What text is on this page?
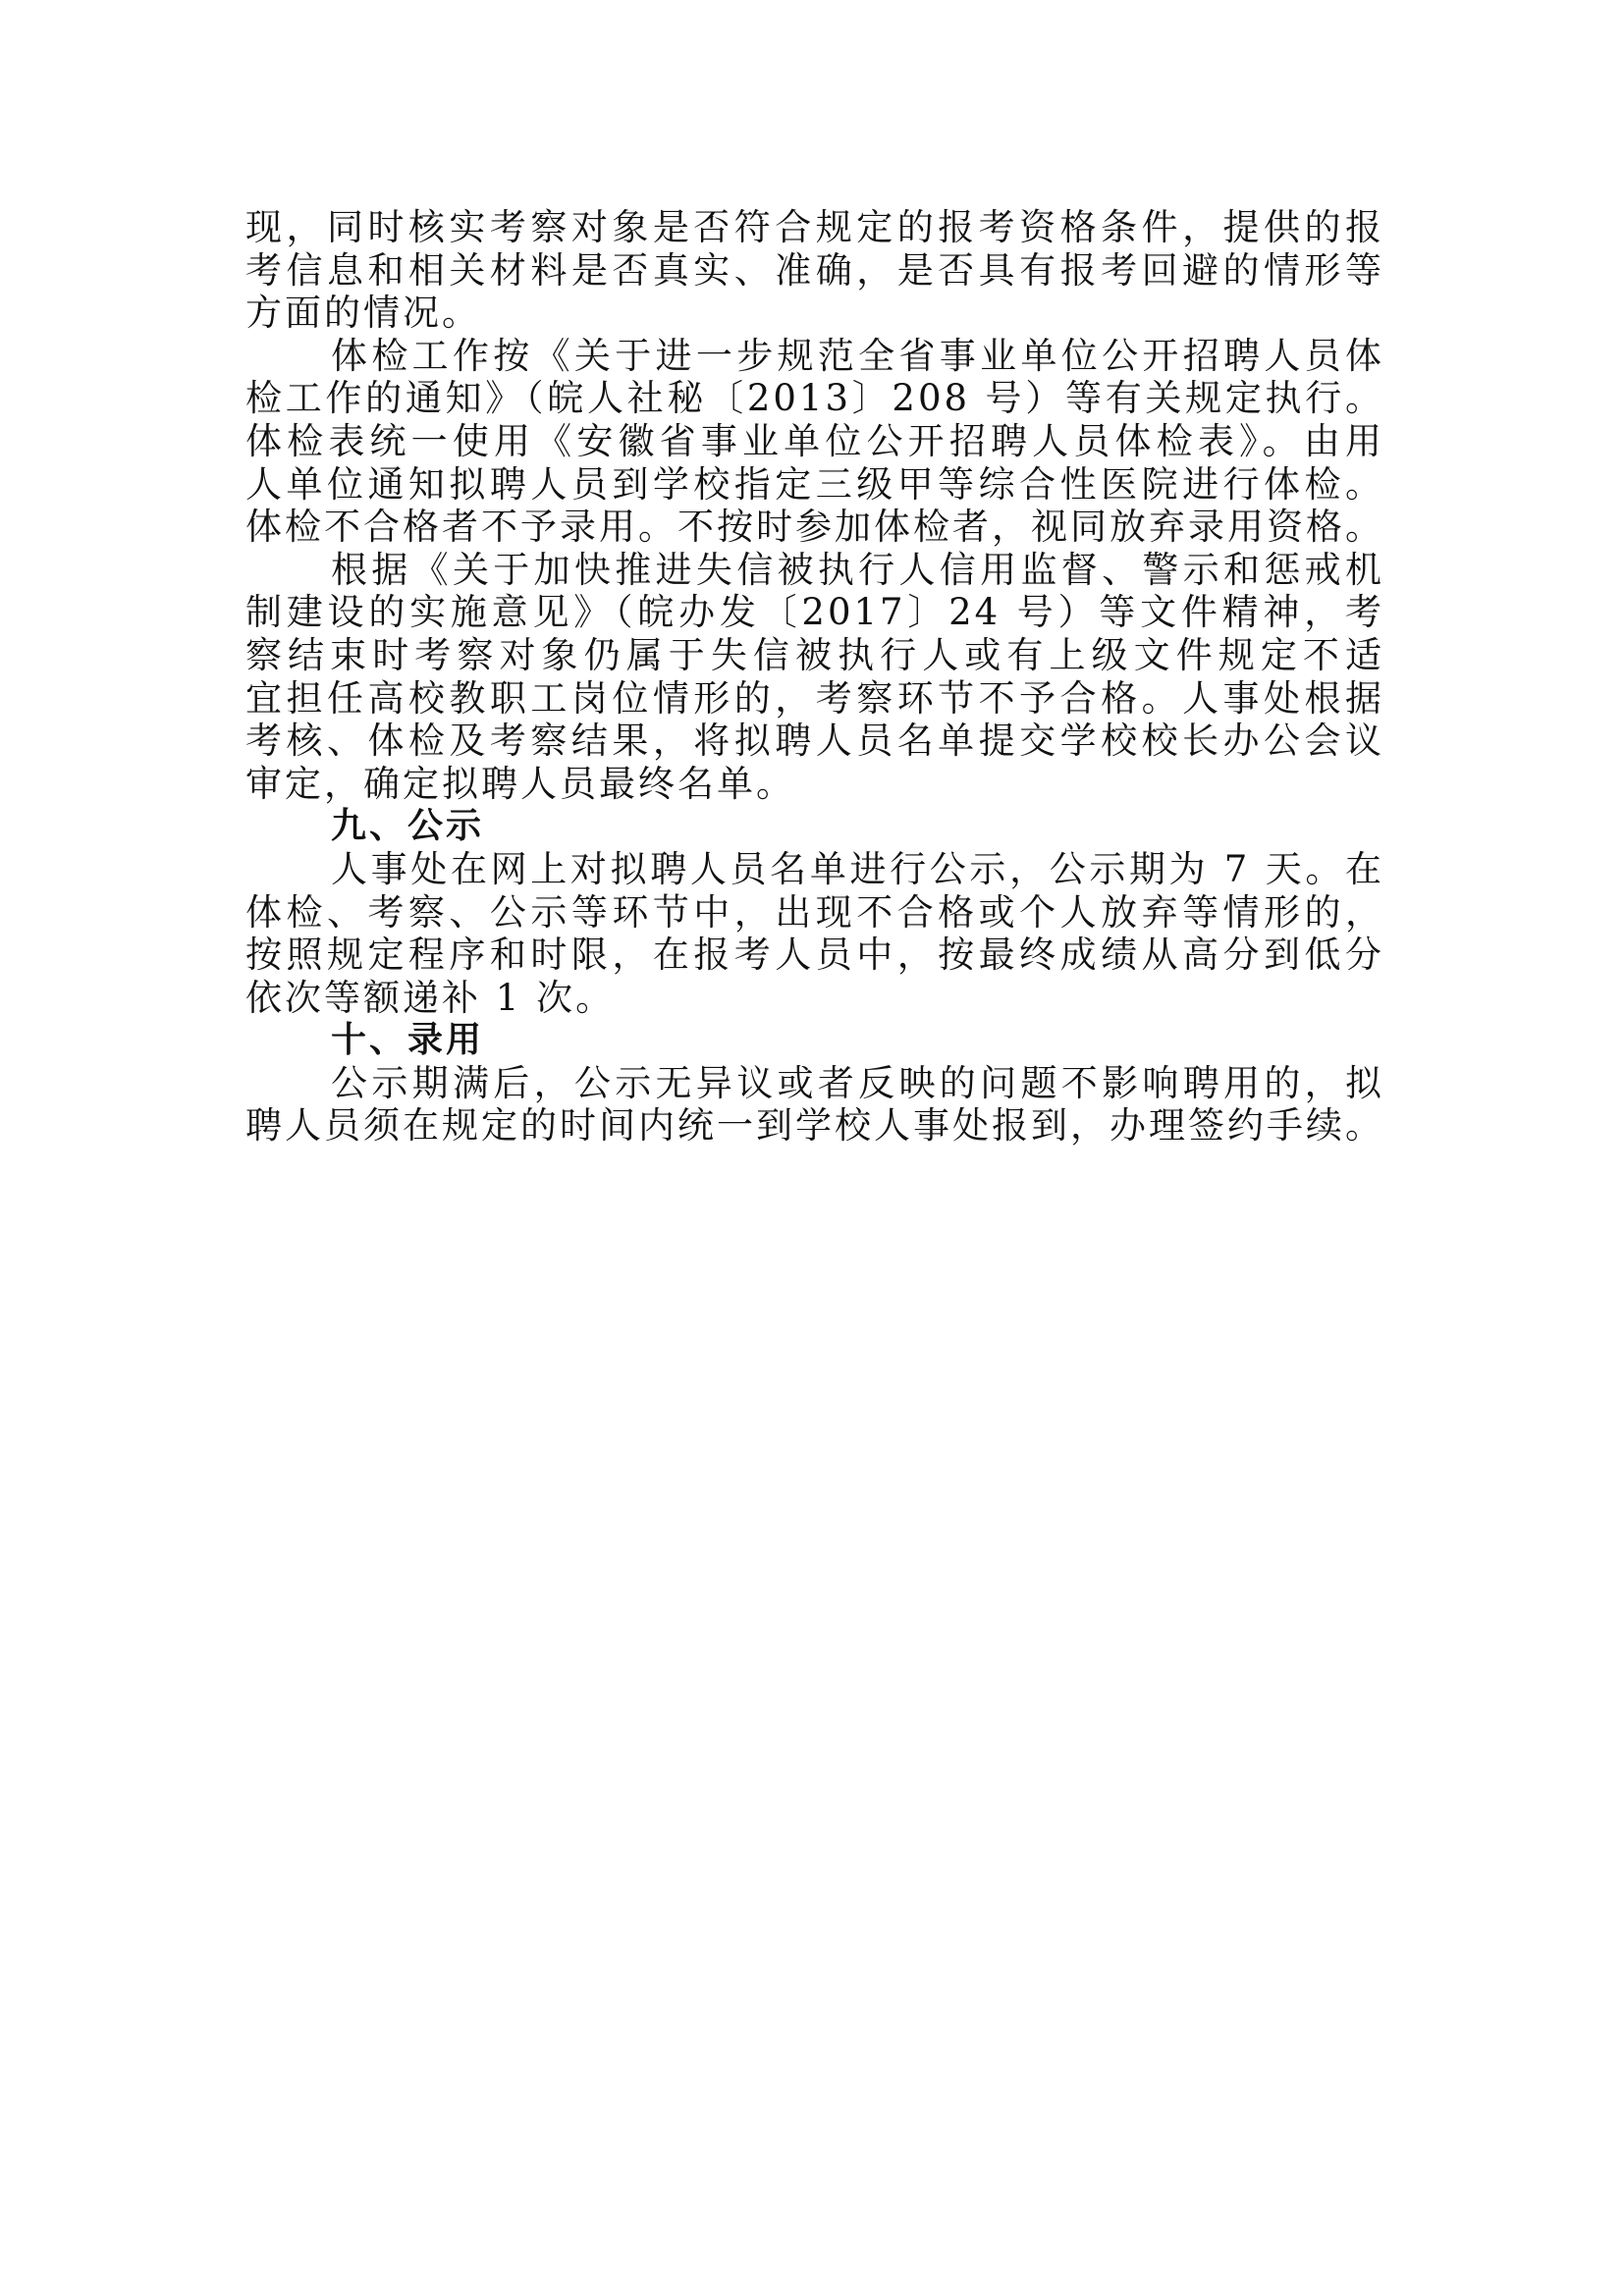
现，同时核实考察对象是否符合规定的报考资格条件，提供的报
考信息和相关材料是否真实、准确，是否具有报考回避的情形等
方面的情况。
体检工作按《关于进一步规范全省事业单位公开招聘人员体
检工作的通知》（皖人社秘〔2013〕208 号）等有关规定执行。
体检表统一使用《安徽省事业单位公开招聘人员体检表》。由用
人单位通知拟聘人员到学校指定三级甲等综合性医院进行体检。
体检不合格者不予录用。不按时参加体检者，视同放弃录用资格。
根据《关于加快推进失信被执行人信用监督、警示和惩戒机
制建设的实施意见》（皖办发〔2017〕24 号）等文件精神，考
察结束时考察对象仍属于失信被执行人或有上级文件规定不适
宜担任高校教职工岗位情形的，考察环节不予合格。人事处根据
考核、体检及考察结果，将拟聘人员名单提交学校校长办公会议
审定，确定拟聘人员最终名单。
九、公示
人事处在网上对拟聘人员名单进行公示，公示期为 7 天。在
体检、考察、公示等环节中，出现不合格或个人放弃等情形的，
按照规定程序和时限，在报考人员中，按最终成绩从高分到低分
依次等额递补 1 次。
十、录用
公示期满后，公示无异议或者反映的问题不影响聘用的，拟
聘人员须在规定的时间内统一到学校人事处报到，办理签约手续。
